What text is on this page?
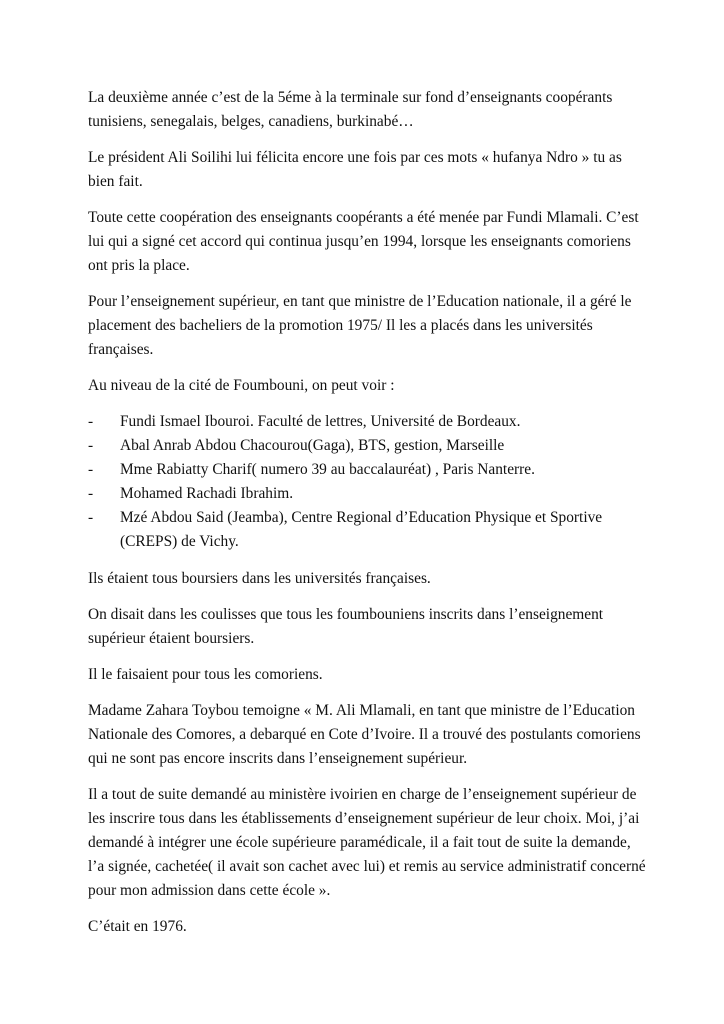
La deuxième année c’est de la 5éme à la terminale sur fond d’enseignants coopérants tunisiens, senegalais, belges, canadiens, burkinabé…

Le président Ali Soilihi lui félicita encore une fois par ces mots « hufanya Ndro » tu as bien fait.

Toute cette coopération des enseignants coopérants a été menée par Fundi Mlamali. C’est lui qui a signé cet accord qui continua jusqu’en 1994, lorsque les enseignants comoriens ont pris la place.

Pour l’enseignement supérieur, en tant que ministre de l’Education nationale, il a géré le placement des bacheliers de la promotion 1975/ Il les a placés dans les universités françaises.

Au niveau de la cité de Foumbouni, on peut voir :

- Fundi Ismael Ibouroi. Faculté de lettres, Université de Bordeaux.
- Abal Anrab Abdou Chacourou(Gaga), BTS, gestion, Marseille
- Mme Rabiatty Charif( numero 39 au baccalauréat) , Paris Nanterre.
- Mohamed Rachadi Ibrahim.
- Mzé Abdou Said (Jeamba), Centre Regional d’Education Physique et Sportive (CREPS) de Vichy.

Ils étaient tous boursiers dans les universités françaises.

On disait dans les coulisses que tous les foumbouniens inscrits dans l’enseignement supérieur étaient boursiers.

Il le faisaient pour tous les comoriens.

Madame Zahara Toybou temoigne « M. Ali Mlamali, en tant que ministre de l’Education Nationale des Comores, a debarqué en Cote d’Ivoire. Il a trouvé des postulants comoriens qui ne sont pas encore inscrits dans l’enseignement supérieur.

Il a tout de suite demandé au ministère ivoirien en charge de l’enseignement supérieur de les inscrire tous dans les établissements d’enseignement supérieur de leur choix. Moi, j’ai demandé à intégrer une école supérieure paramédicale, il a fait tout de suite la demande, l’a signée, cachetée( il avait son cachet avec lui) et remis au service administratif concerné pour mon admission dans cette école ».

C’était en 1976.
